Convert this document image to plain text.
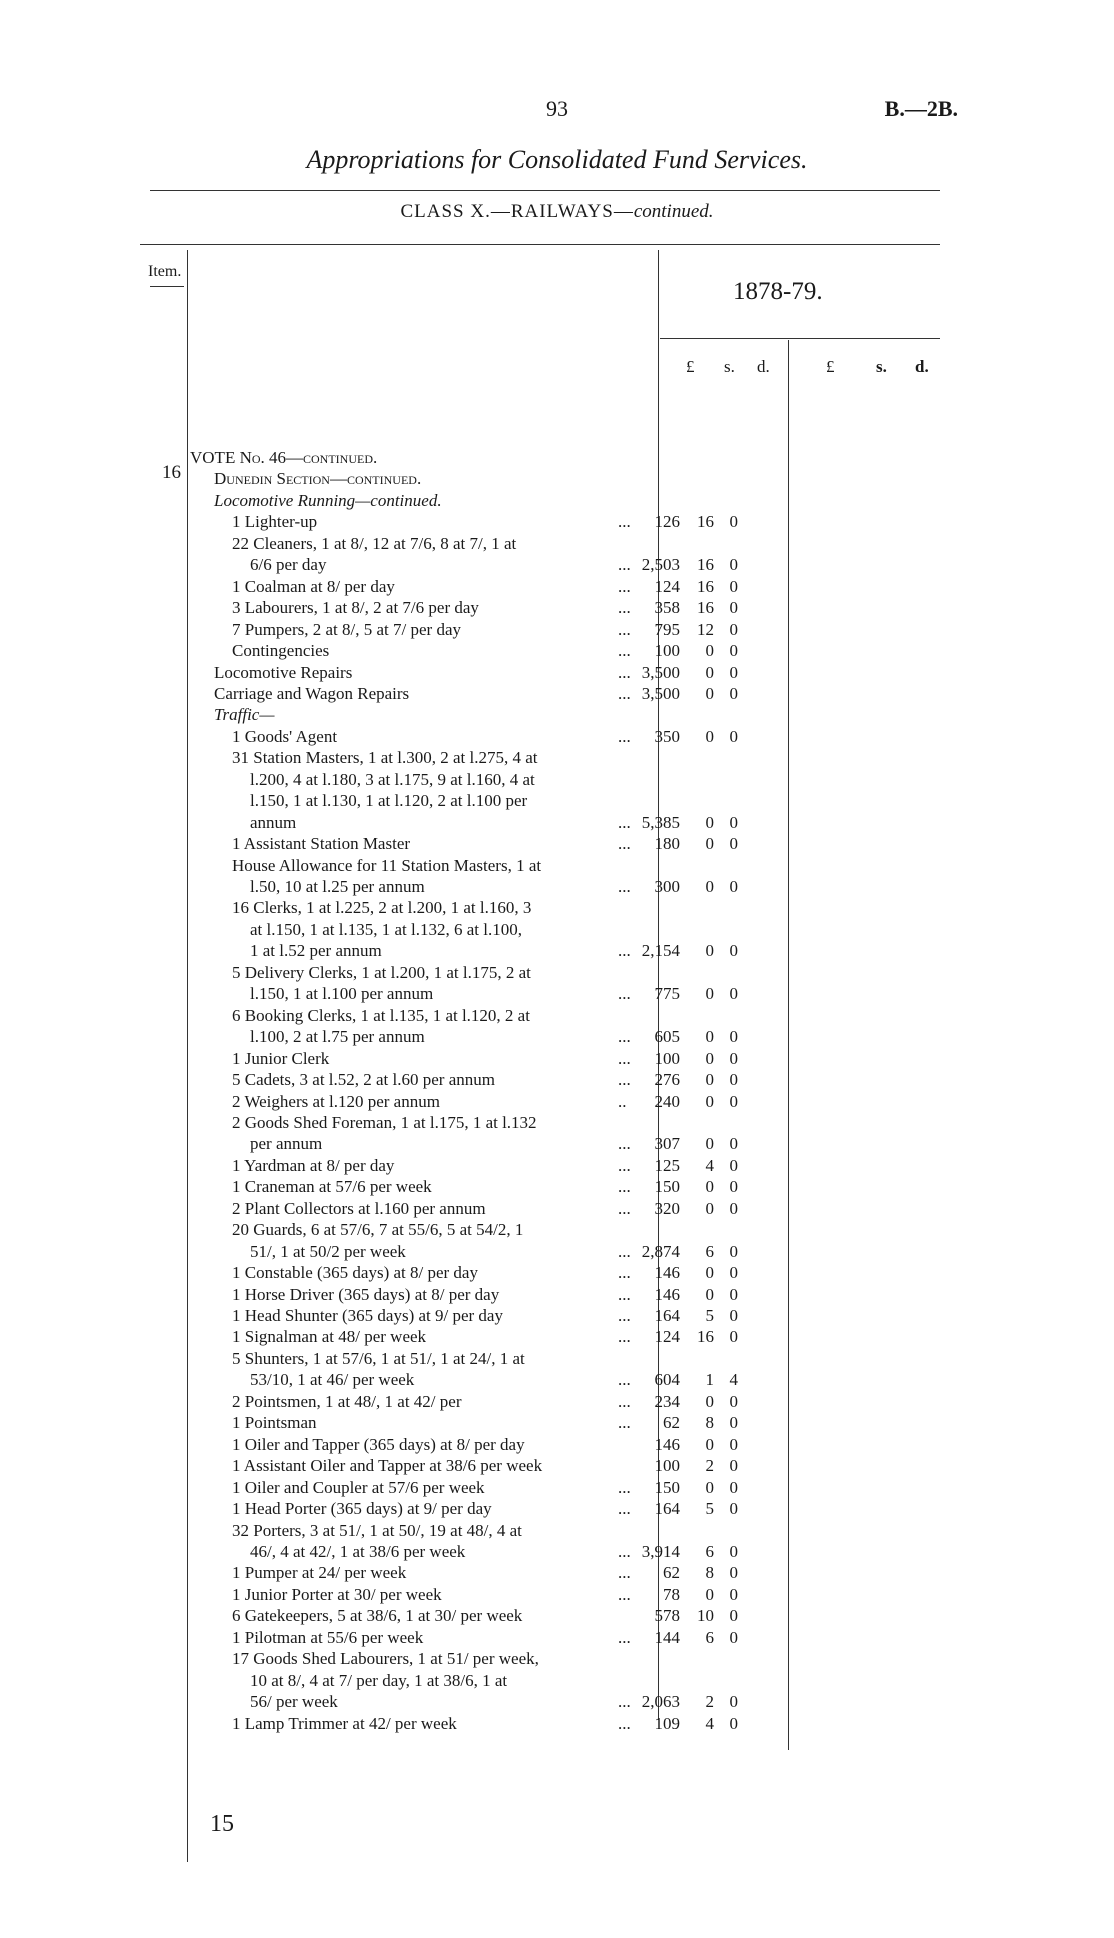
93	B.—2B.
Appropriations for Consolidated Fund Services.
CLASS X.—RAILWAYS—continued.
Item.
1878-79.
£ s. d.	£ s. d.
16
VOTE No. 46—continued.
Dunedin Section—continued.
Locomotive Running—continued.
1 Lighter-up	...	126	16 0
22 Cleaners, 1 at 8/, 12 at 7/6, 8 at 7/, 1 at
6/6 per day	... 2,503	16 0
1 Coalman at 8/ per day	...	124	16 0
3 Labourers, 1 at 8/, 2 at 7/6 per day	...	358	16 0
7 Pumpers, 2 at 8/, 5 at 7/ per day	...	795	12 0
Contingencies	...	100	0 0
Locomotive Repairs	... 3,500	0 0
Carriage and Wagon Repairs	... 3,500	0 0
Traffic—
1 Goods' Agent	...	350	0 0
31 Station Masters, 1 at l.300, 2 at l.275, 4 at
l.200, 4 at l.180, 3 at l.175, 9 at l.160, 4 at
l.150, 1 at l.130, 1 at l.120, 2 at l.100 per
annum	... 5,385	0 0
1 Assistant Station Master	...	180	0 0
House Allowance for 11 Station Masters, 1 at
l.50, 10 at l.25 per annum	...	300	0 0
16 Clerks, 1 at l.225, 2 at l.200, 1 at l.160, 3
at l.150, 1 at l.135, 1 at l.132, 6 at l.100,
1 at l.52 per annum	... 2,154	0 0
5 Delivery Clerks, 1 at l.200, 1 at l.175, 2 at
l.150, 1 at l.100 per annum	...	775	0 0
6 Booking Clerks, 1 at l.135, 1 at l.120, 2 at
l.100, 2 at l.75 per annum	...	605	0 0
1 Junior Clerk	...	100	0 0
5 Cadets, 3 at l.52, 2 at l.60 per annum	...	276	0 0
2 Weighers at l.120 per annum	..	240	0 0
2 Goods Shed Foreman, 1 at l.175, 1 at l.132
per annum	...	307	0 0
1 Yardman at 8/ per day	...	125	4 0
1 Craneman at 57/6 per week	...	150	0 0
2 Plant Collectors at l.160 per annum	...	320	0 0
20 Guards, 6 at 57/6, 7 at 55/6, 5 at 54/2, 1
51/, 1 at 50/2 per week	... 2,874	6 0
1 Constable (365 days) at 8/ per day	...	146	0 0
1 Horse Driver (365 days) at 8/ per day	...	146	0 0
1 Head Shunter (365 days) at 9/ per day	...	164	5 0
1 Signalman at 48/ per week	...	124	16 0
5 Shunters, 1 at 57/6, 1 at 51/, 1 at 24/, 1 at
53/10, 1 at 46/ per week	...	604	1 4
2 Pointsmen, 1 at 48/, 1 at 42/ per	...	234	0 0
1 Pointsman	...	62	8 0
1 Oiler and Tapper (365 days) at 8/ per day	146	0 0
1 Assistant Oiler and Tapper at 38/6 per week	100	2 0
1 Oiler and Coupler at 57/6 per week	...	150	0 0
1 Head Porter (365 days) at 9/ per day	...	164	5 0
32 Porters, 3 at 51/, 1 at 50/, 19 at 48/, 4 at
46/, 4 at 42/, 1 at 38/6 per week	... 3,914	6 0
1 Pumper at 24/ per week	...	62	8 0
1 Junior Porter at 30/ per week	...	78	0 0
6 Gatekeepers, 5 at 38/6, 1 at 30/ per week	578	10 0
1 Pilotman at 55/6 per week	...	144	6 0
17 Goods Shed Labourers, 1 at 51/ per week,
10 at 8/, 4 at 7/ per day, 1 at 38/6, 1 at
56/ per week	... 2,063	2 0
1 Lamp Trimmer at 42/ per week	...	109	4 0
15
